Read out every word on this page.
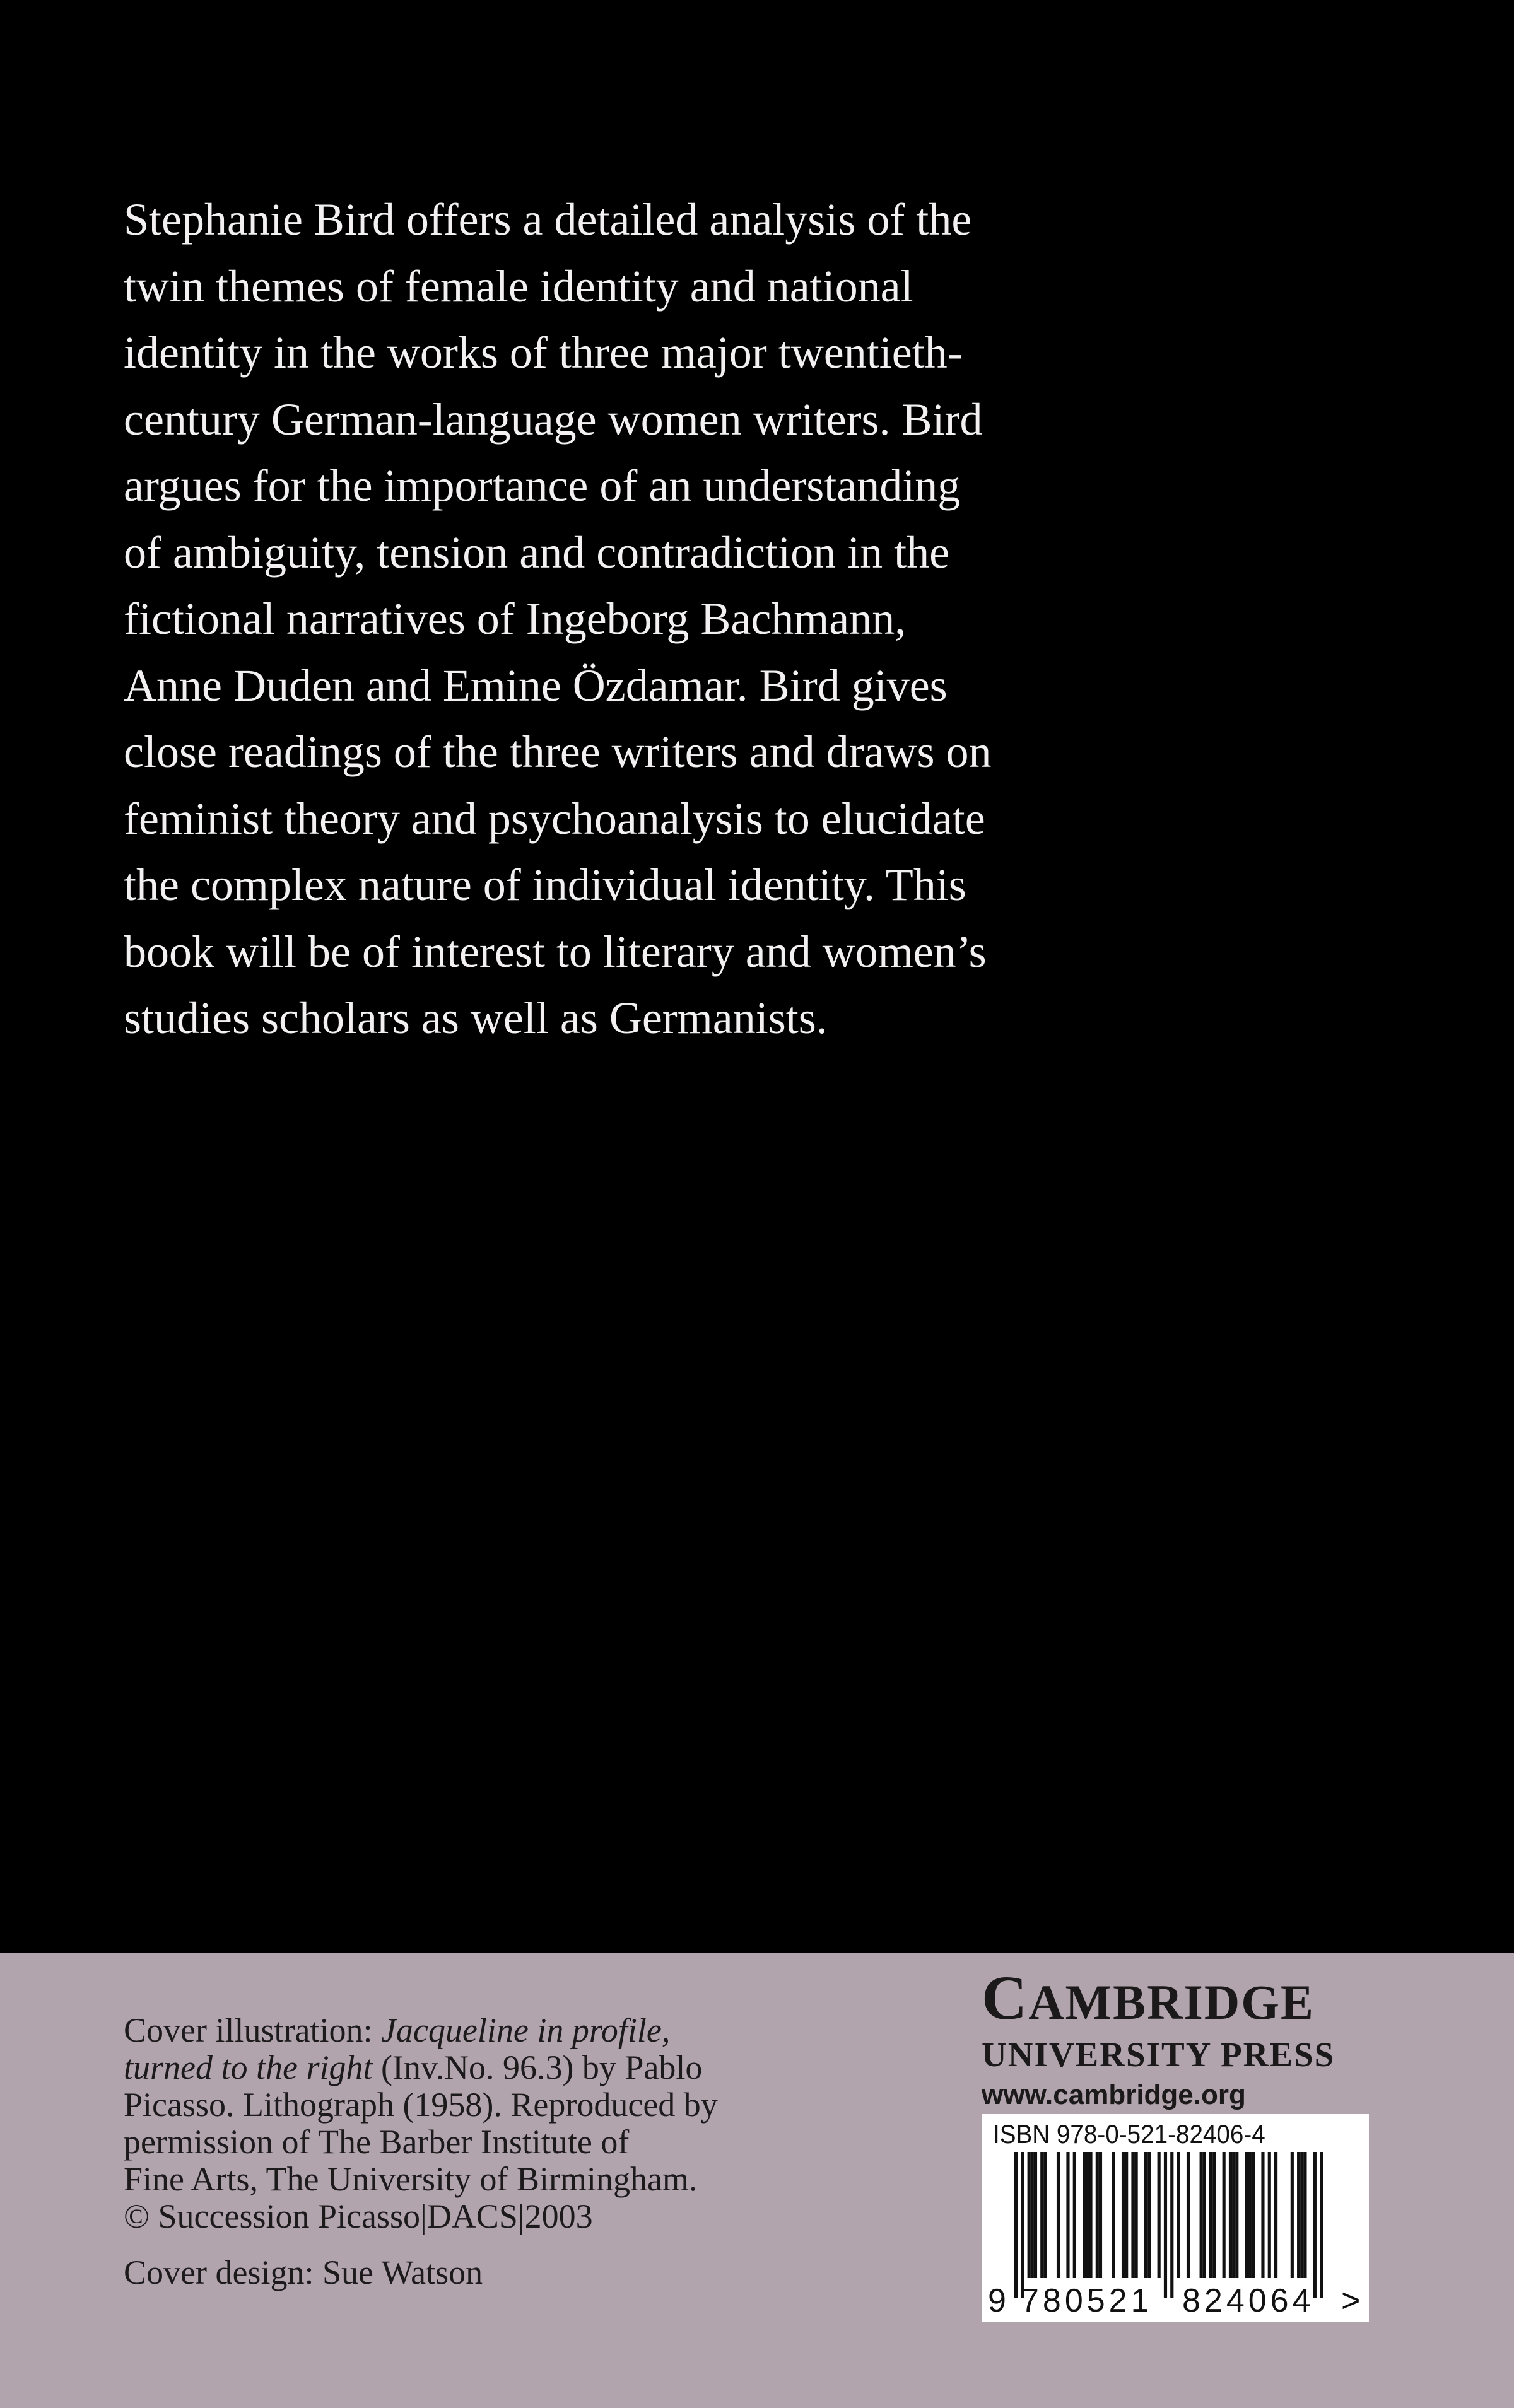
Stephanie Bird offers a detailed analysis of the
twin themes of female identity and national
identity in the works of three major twentieth-
century German-language women writers. Bird
argues for the importance of an understanding
of ambiguity, tension and contradiction in the
fictional narratives of Ingeborg Bachmann,
Anne Duden and Emine Özdamar. Bird gives
close readings of the three writers and draws on
feminist theory and psychoanalysis to elucidate
the complex nature of individual identity. This
book will be of interest to literary and women’s
studies scholars as well as Germanists.
Cover illustration: Jacqueline in profile,
turned to the right (Inv.No. 96.3) by Pablo
Picasso. Lithograph (1958). Reproduced by
permission of The Barber Institute of
Fine Arts, The University of Birmingham.
© Succession Picasso|DACS|2003
Cover design: Sue Watson
CAMBRIDGE
UNIVERSITY PRESS
www.cambridge.org
ISBN 978-0-521-82406-4
9 780521 824064 >
